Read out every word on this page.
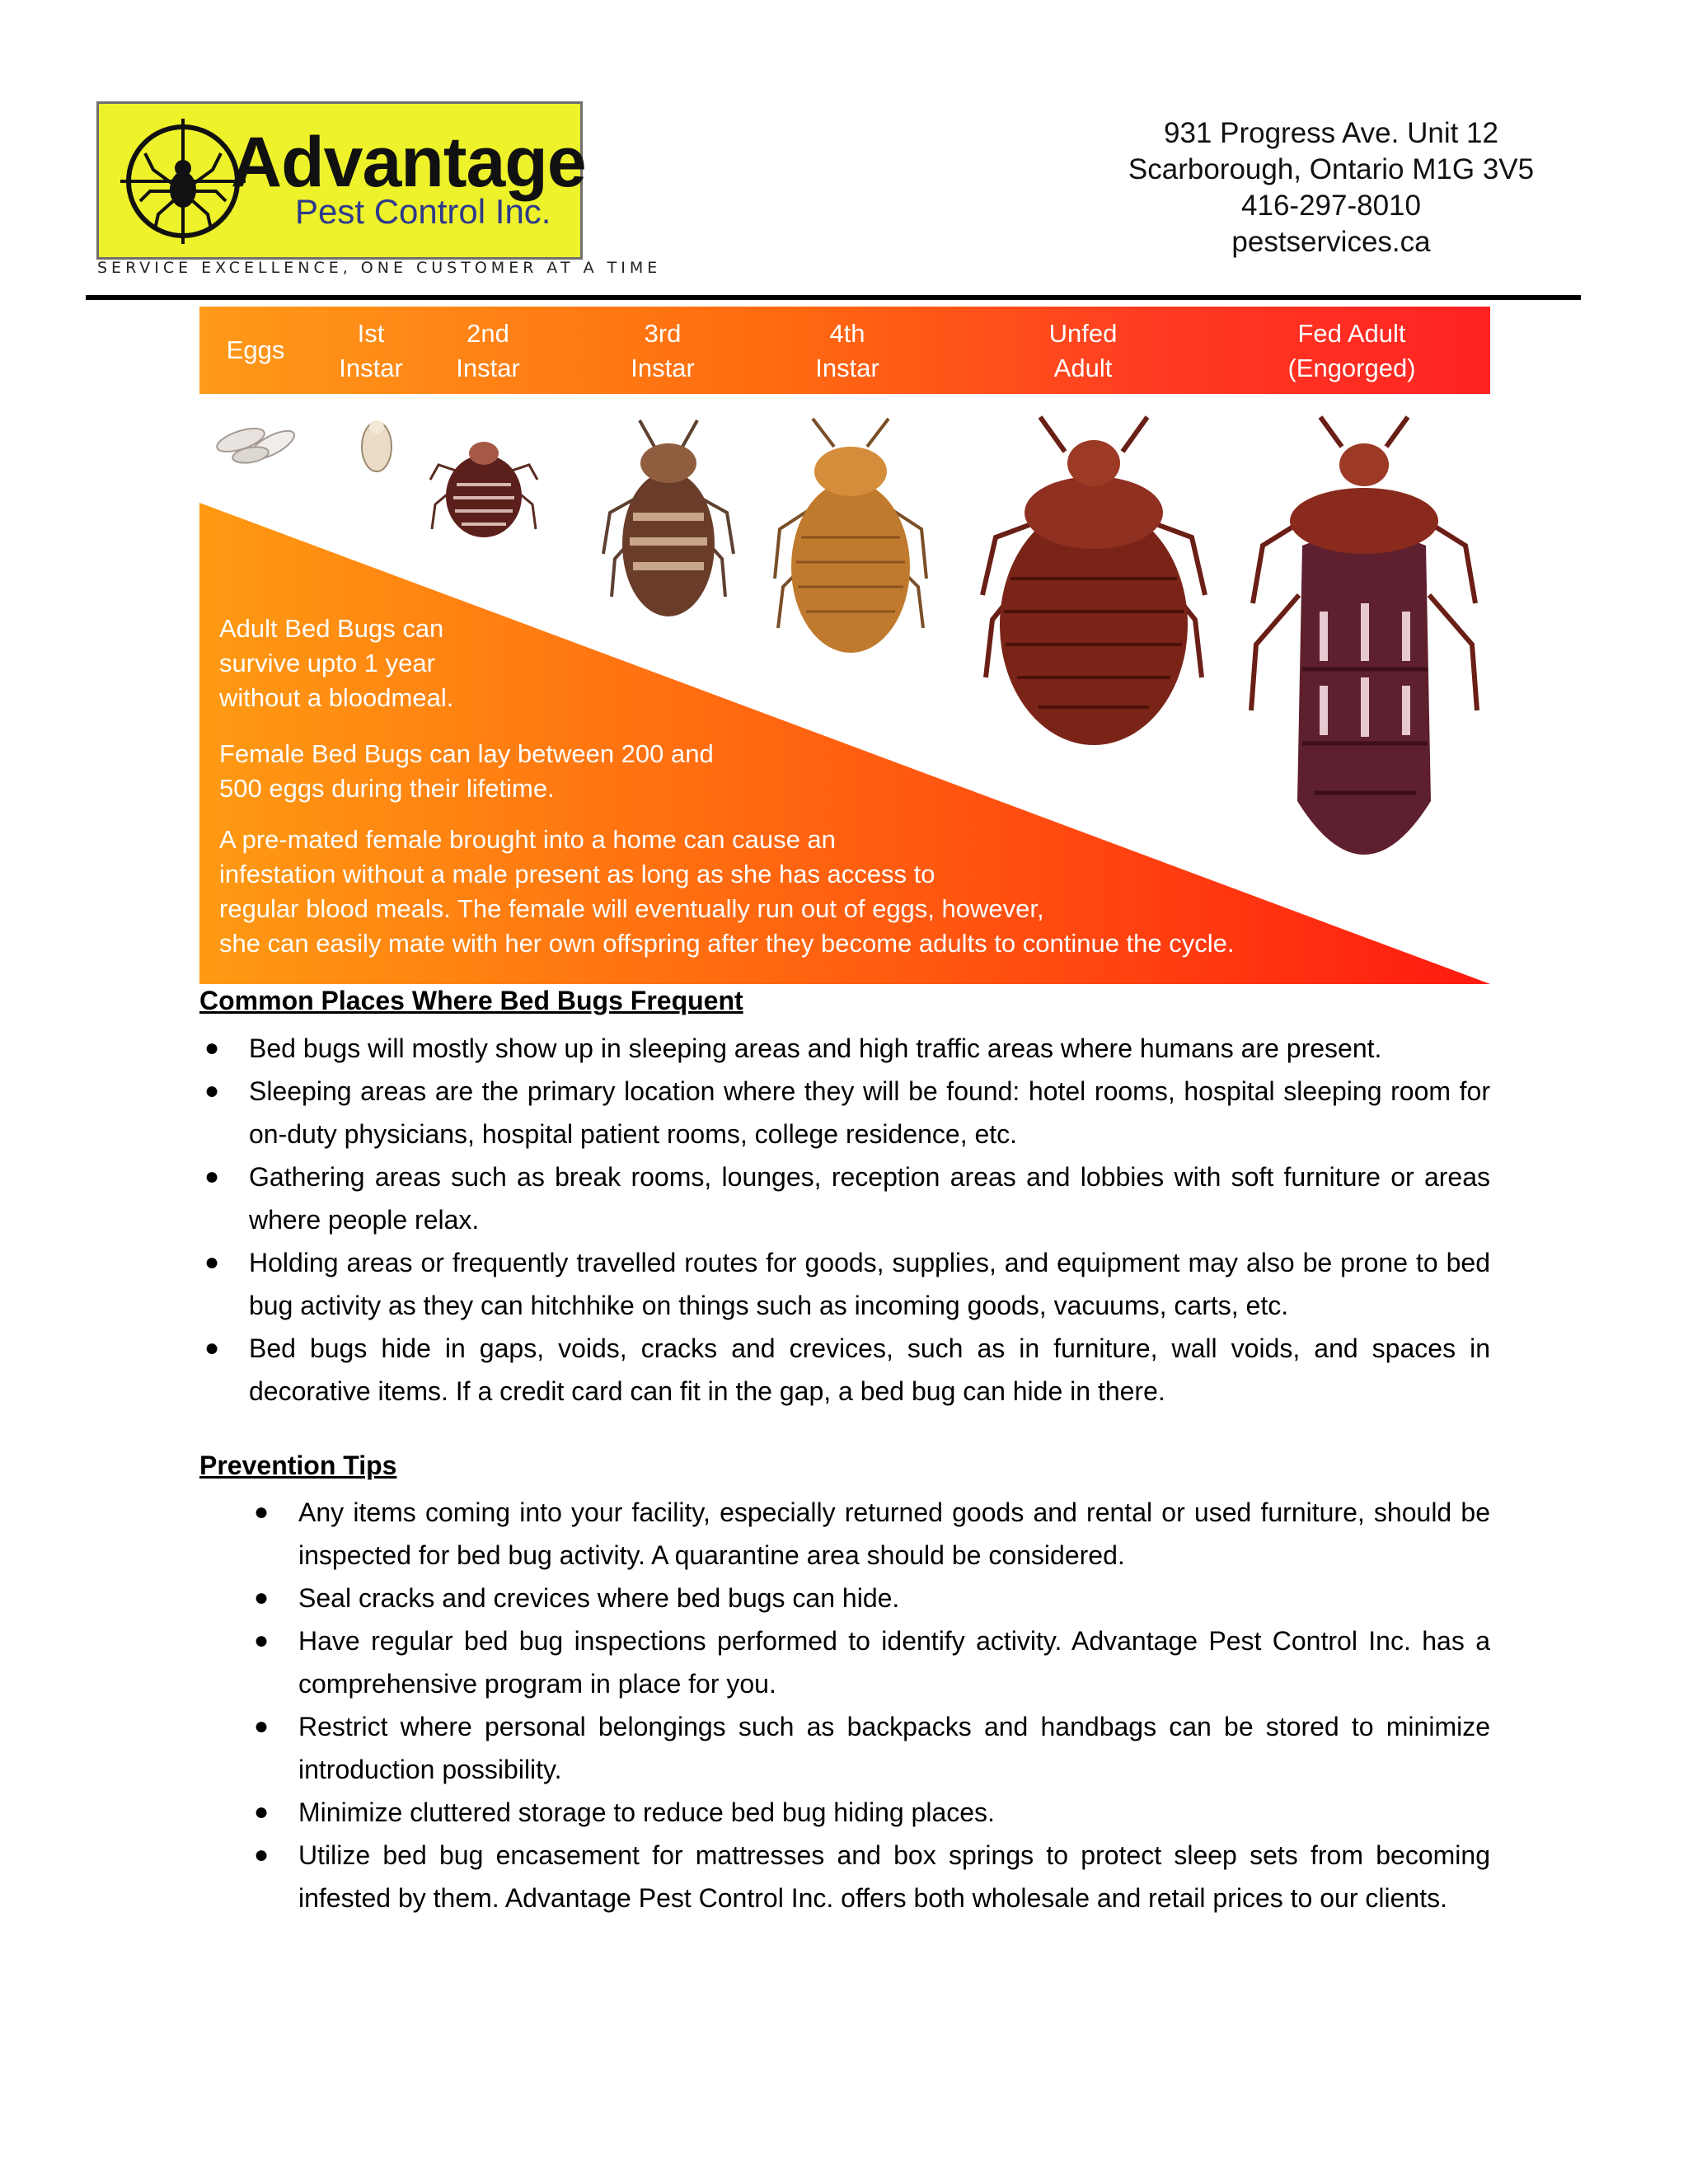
Advantage
Pest Control Inc.
SERVICE EXCELLENCE, ONE CUSTOMER AT A TIME
931 Progress Ave. Unit 12
Scarborough, Ontario M1G 3V5
416-297-8010
pestservices.ca
Eggs
Ist
Instar
2nd
Instar
3rd
Instar
4th
Instar
Unfed
Adult
Fed Adult
(Engorged)

Adult Bed Bugs can

survive upto 1 year

without a bloodmeal.

Female Bed Bugs can lay between 200 and

500 eggs during their lifetime.

A pre-mated female brought into a home can cause an

infestation without a male present as long as she has access to

regular blood meals. The female will eventually run out of eggs, however,

she can easily mate with her own offspring after they become adults to continue the cycle.

Common Places Where Bed Bugs Frequent
● Bed bugs will mostly show up in sleeping areas and high traffic areas where humans are present.
● Sleeping areas are the primary location where they will be found: hotel rooms, hospital sleeping room for on-duty physicians, hospital patient rooms, college residence, etc.
● Gathering areas such as break rooms, lounges, reception areas and lobbies with soft furniture or areas where people relax.
● Holding areas or frequently travelled routes for goods, supplies, and equipment may also be prone to bed bug activity as they can hitchhike on things such as incoming goods, vacuums, carts, etc.
● Bed bugs hide in gaps, voids, cracks and crevices, such as in furniture, wall voids, and spaces in decorative items. If a credit card can fit in the gap, a bed bug can hide in there.
Prevention Tips
● Any items coming into your facility, especially returned goods and rental or used furniture, should be inspected for bed bug activity. A quarantine area should be considered.
● Seal cracks and crevices where bed bugs can hide.
● Have regular bed bug inspections performed to identify activity. Advantage Pest Control Inc. has a comprehensive program in place for you.
● Restrict where personal belongings such as backpacks and handbags can be stored to minimize introduction possibility.
● Minimize cluttered storage to reduce bed bug hiding places.
● Utilize bed bug encasement for mattresses and box springs to protect sleep sets from becoming infested by them. Advantage Pest Control Inc. offers both wholesale and retail prices to our clients.
